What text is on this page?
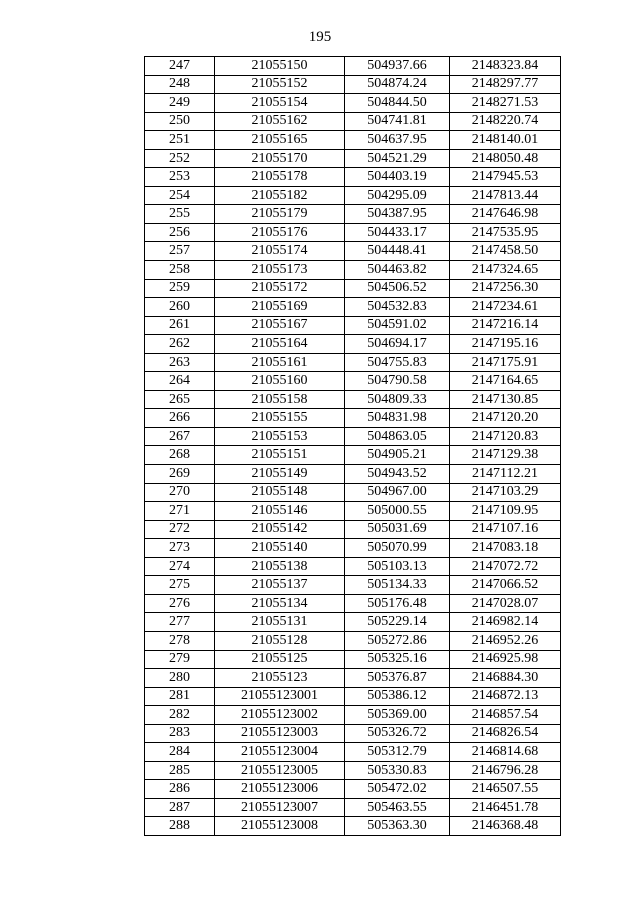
195
247	21055150	504937.66	2148323.84
248	21055152	504874.24	2148297.77
249	21055154	504844.50	2148271.53
250	21055162	504741.81	2148220.74
251	21055165	504637.95	2148140.01
252	21055170	504521.29	2148050.48
253	21055178	504403.19	2147945.53
254	21055182	504295.09	2147813.44
255	21055179	504387.95	2147646.98
256	21055176	504433.17	2147535.95
257	21055174	504448.41	2147458.50
258	21055173	504463.82	2147324.65
259	21055172	504506.52	2147256.30
260	21055169	504532.83	2147234.61
261	21055167	504591.02	2147216.14
262	21055164	504694.17	2147195.16
263	21055161	504755.83	2147175.91
264	21055160	504790.58	2147164.65
265	21055158	504809.33	2147130.85
266	21055155	504831.98	2147120.20
267	21055153	504863.05	2147120.83
268	21055151	504905.21	2147129.38
269	21055149	504943.52	2147112.21
270	21055148	504967.00	2147103.29
271	21055146	505000.55	2147109.95
272	21055142	505031.69	2147107.16
273	21055140	505070.99	2147083.18
274	21055138	505103.13	2147072.72
275	21055137	505134.33	2147066.52
276	21055134	505176.48	2147028.07
277	21055131	505229.14	2146982.14
278	21055128	505272.86	2146952.26
279	21055125	505325.16	2146925.98
280	21055123	505376.87	2146884.30
281	21055123001	505386.12	2146872.13
282	21055123002	505369.00	2146857.54
283	21055123003	505326.72	2146826.54
284	21055123004	505312.79	2146814.68
285	21055123005	505330.83	2146796.28
286	21055123006	505472.02	2146507.55
287	21055123007	505463.55	2146451.78
288	21055123008	505363.30	2146368.48
